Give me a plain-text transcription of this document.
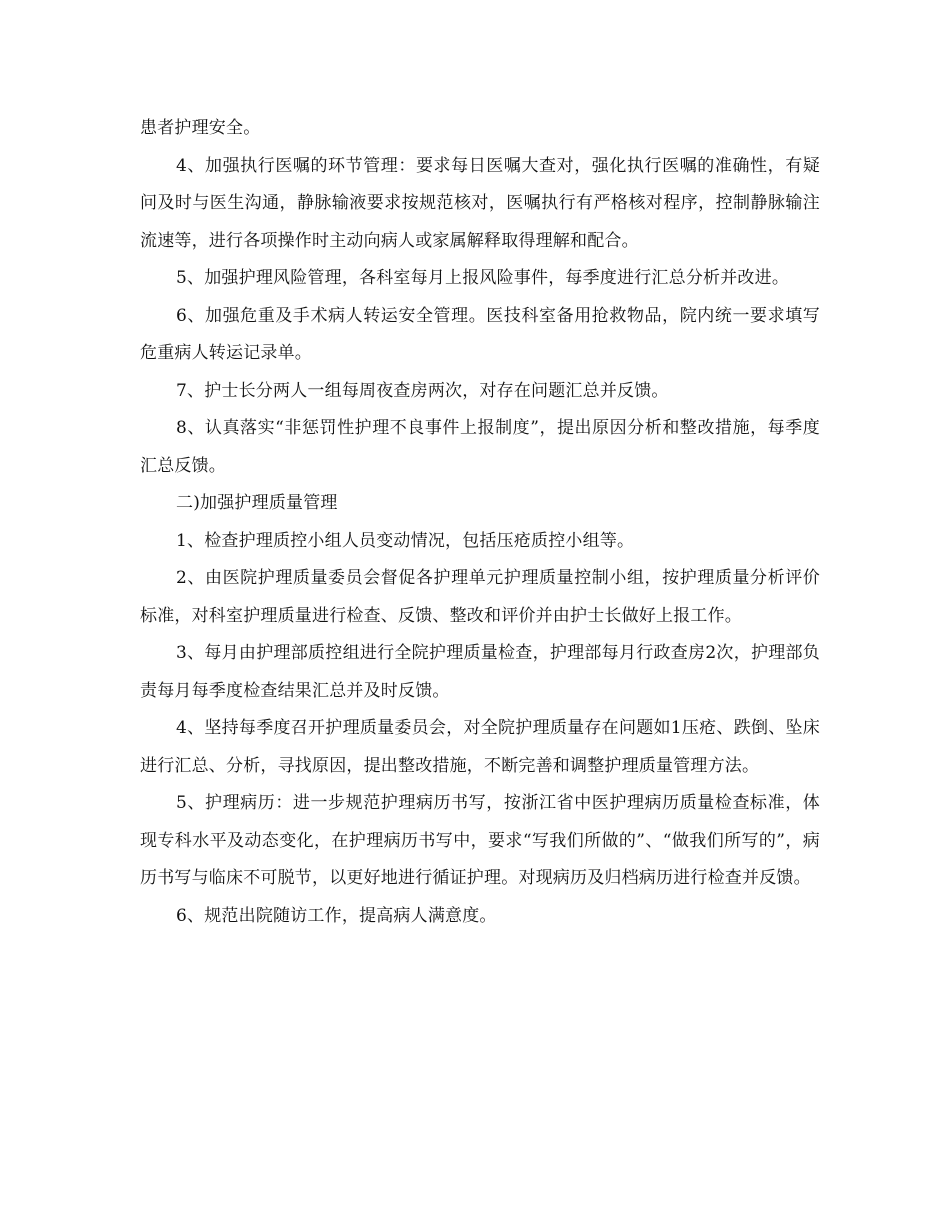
患者护理安全。

4、加强执行医嘱的环节管理：要求每日医嘱大查对，强化执行医嘱的准确性，有疑问及时与医生沟通，静脉输液要求按规范核对，医嘱执行有严格核对程序，控制静脉输注流速等，进行各项操作时主动向病人或家属解释取得理解和配合。

5、加强护理风险管理，各科室每月上报风险事件，每季度进行汇总分析并改进。

6、加强危重及手术病人转运安全管理。医技科室备用抢救物品，院内统一要求填写危重病人转运记录单。

7、护士长分两人一组每周夜查房两次，对存在问题汇总并反馈。

8、认真落实“非惩罚性护理不良事件上报制度”，提出原因分析和整改措施，每季度汇总反馈。

二)加强护理质量管理

1、检查护理质控小组人员变动情况，包括压疮质控小组等。

2、由医院护理质量委员会督促各护理单元护理质量控制小组，按护理质量分析评价标准，对科室护理质量进行检查、反馈、整改和评价并由护士长做好上报工作。

3、每月由护理部质控组进行全院护理质量检查，护理部每月行政查房2次，护理部负责每月每季度检查结果汇总并及时反馈。

4、坚持每季度召开护理质量委员会，对全院护理质量存在问题如1压疮、跌倒、坠床进行汇总、分析，寻找原因，提出整改措施，不断完善和调整护理质量管理方法。

5、护理病历：进一步规范护理病历书写，按浙江省中医护理病历质量检查标准，体现专科水平及动态变化，在护理病历书写中，要求“写我们所做的”、“做我们所写的”，病历书写与临床不可脱节，以更好地进行循证护理。对现病历及归档病历进行检查并反馈。

6、规范出院随访工作，提高病人满意度。
